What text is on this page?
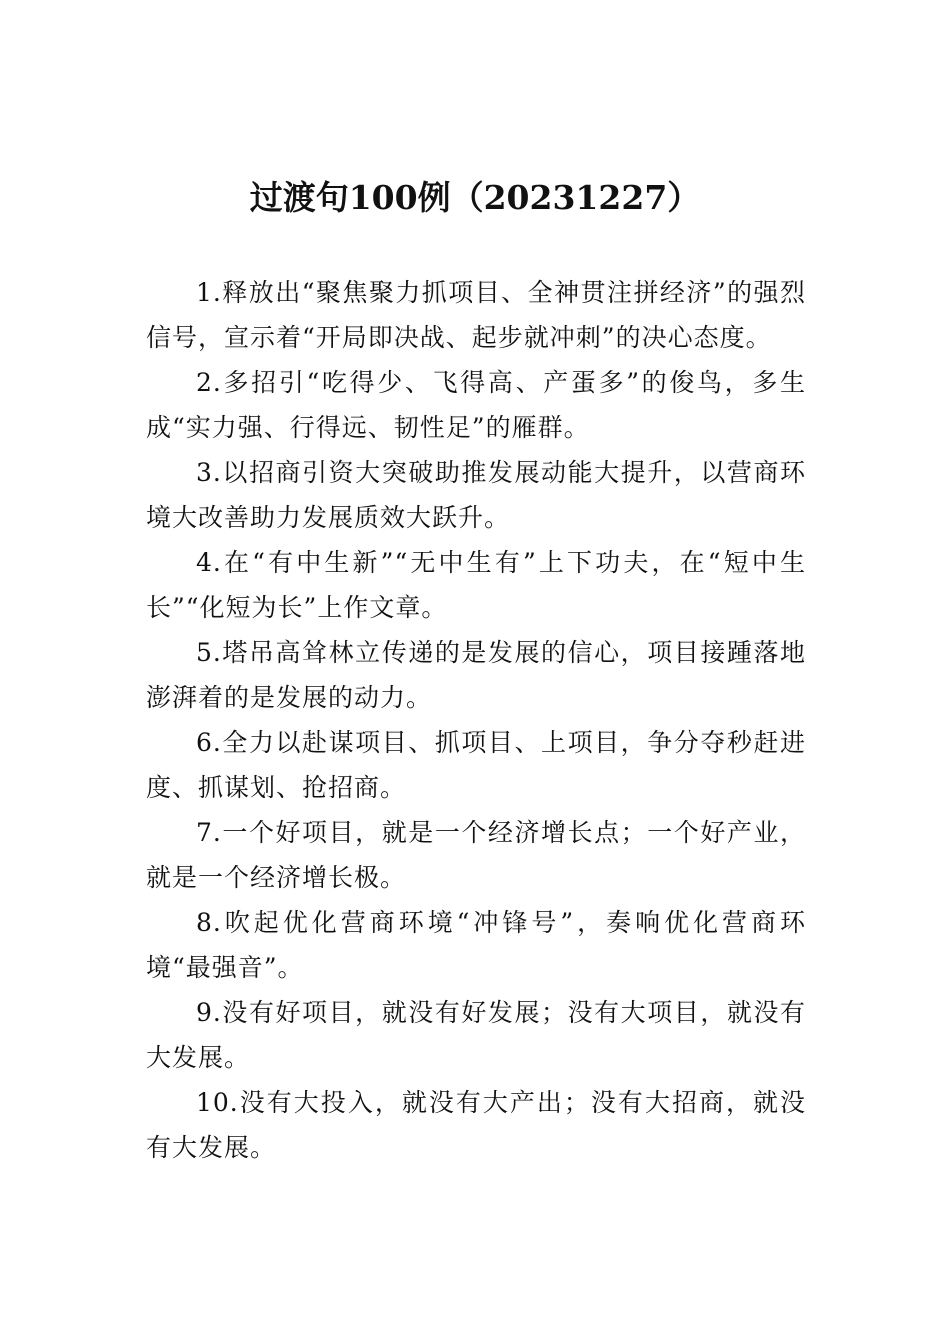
过渡句100例（20231227）

1.释放出“聚焦聚力抓项目、全神贯注拼经济”的强烈信号，宣示着“开局即决战、起步就冲刺”的决心态度。

2.多招引“吃得少、飞得高、产蛋多”的俊鸟，多生成“实力强、行得远、韧性足”的雁群。

3.以招商引资大突破助推发展动能大提升，以营商环境大改善助力发展质效大跃升。

4.在“有中生新”“无中生有”上下功夫，在“短中生长”“化短为长”上作文章。

5.塔吊高耸林立传递的是发展的信心，项目接踵落地澎湃着的是发展的动力。

6.全力以赴谋项目、抓项目、上项目，争分夺秒赶进度、抓谋划、抢招商。

7.一个好项目，就是一个经济增长点；一个好产业，就是一个经济增长极。

8.吹起优化营商环境“冲锋号”，奏响优化营商环境“最强音”。

9.没有好项目，就没有好发展；没有大项目，就没有大发展。

10.没有大投入，就没有大产出；没有大招商，就没有大发展。
